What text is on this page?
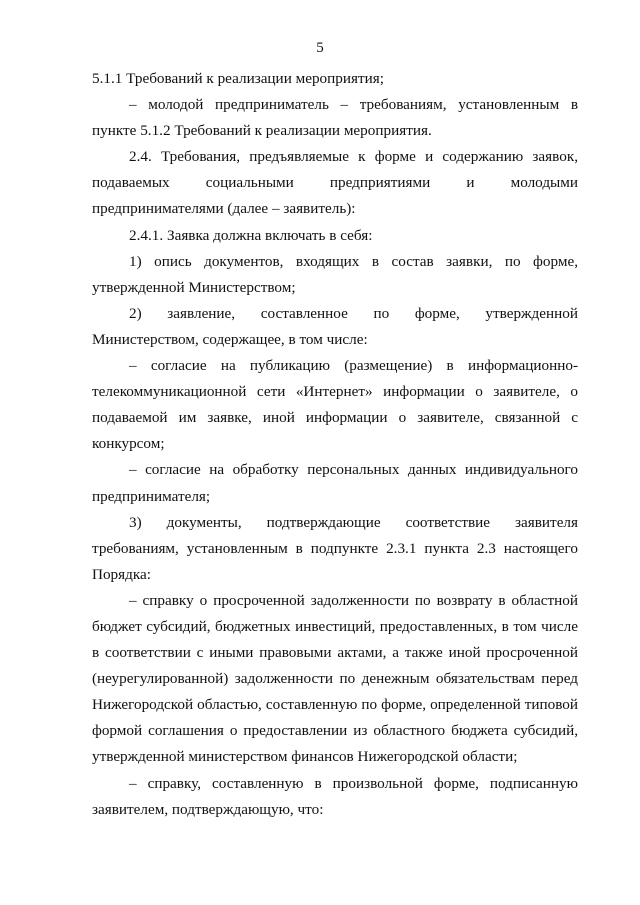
5

5.1.1 Требований к реализации мероприятия;

– молодой предприниматель – требованиям, установленным в пункте 5.1.2 Требований к реализации мероприятия.

2.4. Требования, предъявляемые к форме и содержанию заявок, подаваемых социальными предприятиями и молодыми предпринимателями (далее – заявитель):

2.4.1. Заявка должна включать в себя:

1) опись документов, входящих в состав заявки, по форме, утвержденной Министерством;

2) заявление, составленное по форме, утвержденной Министерством, содержащее, в том числе:

– согласие на публикацию (размещение) в информационно-телекоммуникационной сети «Интернет» информации о заявителе, о подаваемой им заявке, иной информации о заявителе, связанной с конкурсом;

– согласие на обработку персональных данных индивидуального предпринимателя;

3) документы, подтверждающие соответствие заявителя требованиям, установленным в подпункте 2.3.1 пункта 2.3 настоящего Порядка:

– справку о просроченной задолженности по возврату в областной бюджет субсидий, бюджетных инвестиций, предоставленных, в том числе в соответствии с иными правовыми актами, а также иной просроченной (неурегулированной) задолженности по денежным обязательствам перед Нижегородской областью, составленную по форме, определенной типовой формой соглашения о предоставлении из областного бюджета субсидий, утвержденной министерством финансов Нижегородской области;

– справку, составленную в произвольной форме, подписанную заявителем, подтверждающую, что:
